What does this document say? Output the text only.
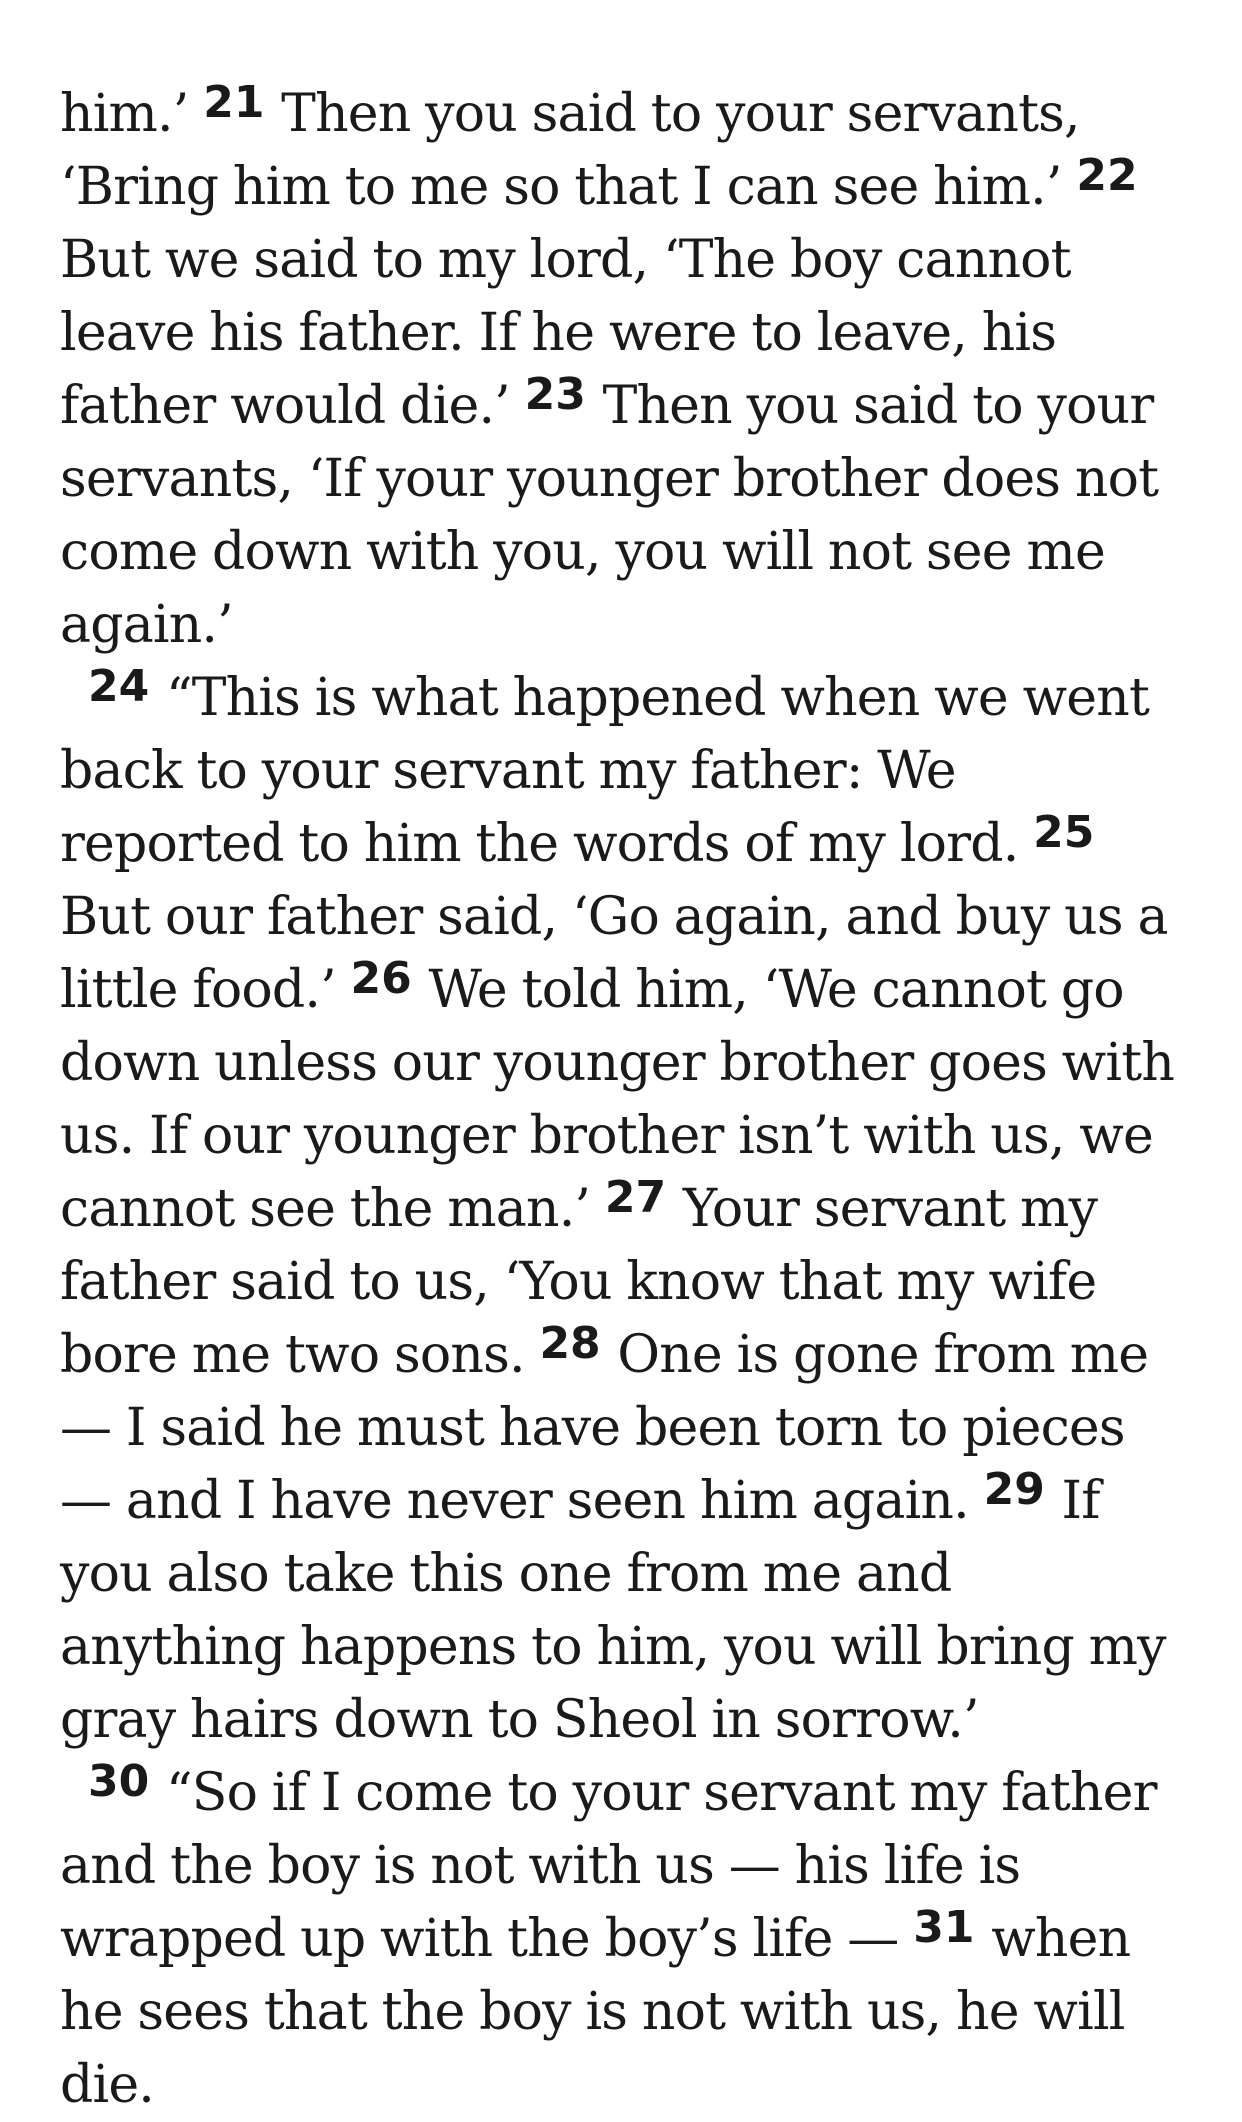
him.’ $^{21}$ Then you said to your servants, ‘Bring him to me so that I can see him.’ $^{22}$ But we said to my lord, ‘The boy cannot leave his father. If he were to leave, his father would die.’ $^{23}$ Then you said to your servants, ‘If your younger brother does not come down with you, you will not see me again.’

$^{24}$ “This is what happened when we went back to your servant my father: We reported to him the words of my lord. $^{25}$ But our father said, ‘Go again, and buy us a little food.’ $^{26}$ We told him, ‘We cannot go down unless our younger brother goes with us. If our younger brother isn’t with us, we cannot see the man.’ $^{27}$ Your servant my father said to us, ‘You know that my wife bore me two sons. $^{28}$ One is gone from me — I said he must have been torn to pieces — and I have never seen him again. $^{29}$ If you also take this one from me and anything happens to him, you will bring my gray hairs down to Sheol in sorrow.’

$^{30}$ “So if I come to your servant my father and the boy is not with us — his life is wrapped up with the boy’s life — $^{31}$ when he sees that the boy is not with us, he will die.
